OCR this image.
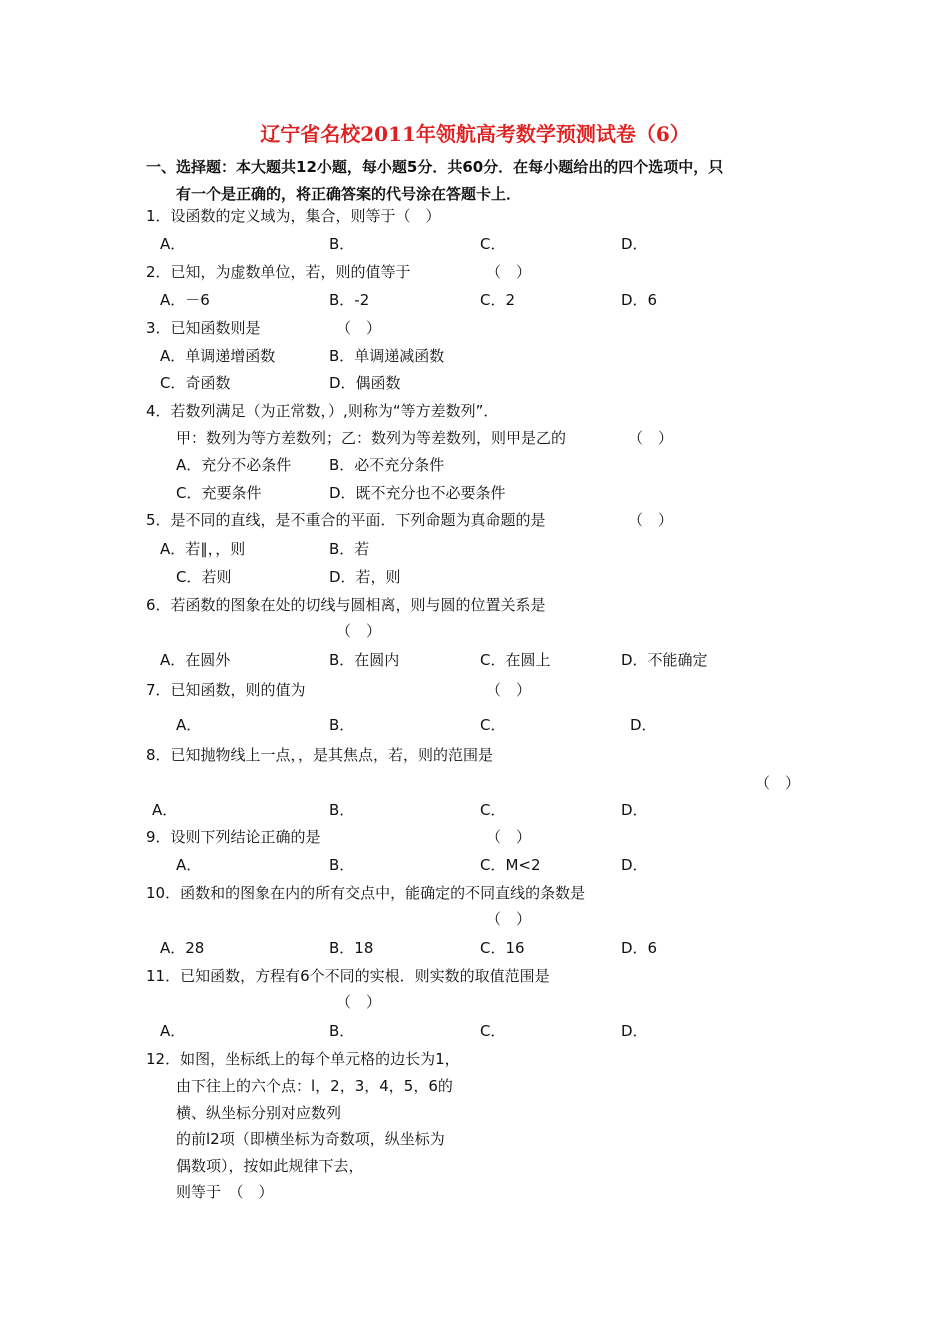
辽宁省名校2011年领航高考数学预测试卷（6）
一、选择题：本大题共12小题，每小题5分．共60分．在每小题给出的四个选项中，只
有一个是正确的，将正确答案的代号涂在答题卡上．
1．设函数的定义域为，集合，则等于（　）
A．	B．	C．	D．
2．已知，为虚数单位，若，则的值等于	（　）
A．－6	B．-2	C．2	D．6
3．已知函数则是	（　）
A．单调递增函数	B．单调递减函数
C．奇函数	D．偶函数
4．若数列满足（为正常数，）,则称为“等方差数列”．
甲：数列为等方差数列；乙：数列为等差数列，则甲是乙的	（　）
A．充分不必条件	B．必不充分条件
C．充要条件	D．既不充分也不必要条件
5．是不同的直线，是不重合的平面．下列命题为真命题的是	（　）
A．若∥，，则	B．若
C．若则	D．若，则
6．若函数的图象在处的切线与圆相离，则与圆的位置关系是
（　）
A．在圆外	B．在圆内	C．在圆上	D．不能确定
7．已知函数，则的值为	（　）
A．	B．	C．	D．
8．已知抛物线上一点，，是其焦点，若，则的范围是
（　）
A．	B．	C．	D．
9．设则下列结论正确的是	（　）
A．	B．	C．M<2	D．
10．函数和的图象在内的所有交点中，能确定的不同直线的条数是
（　）
A．28	B．18	C．16	D．6
11．已知函数，方程有6个不同的实根．则实数的取值范围是
（　）
A．	B．	C．	D．
12．如图，坐标纸上的每个单元格的边长为1，
由下往上的六个点：l，2，3，4，5，6的
横、纵坐标分别对应数列
的前l2项（即横坐标为奇数项，纵坐标为
偶数项），按如此规律下去，
则等于　（　）
